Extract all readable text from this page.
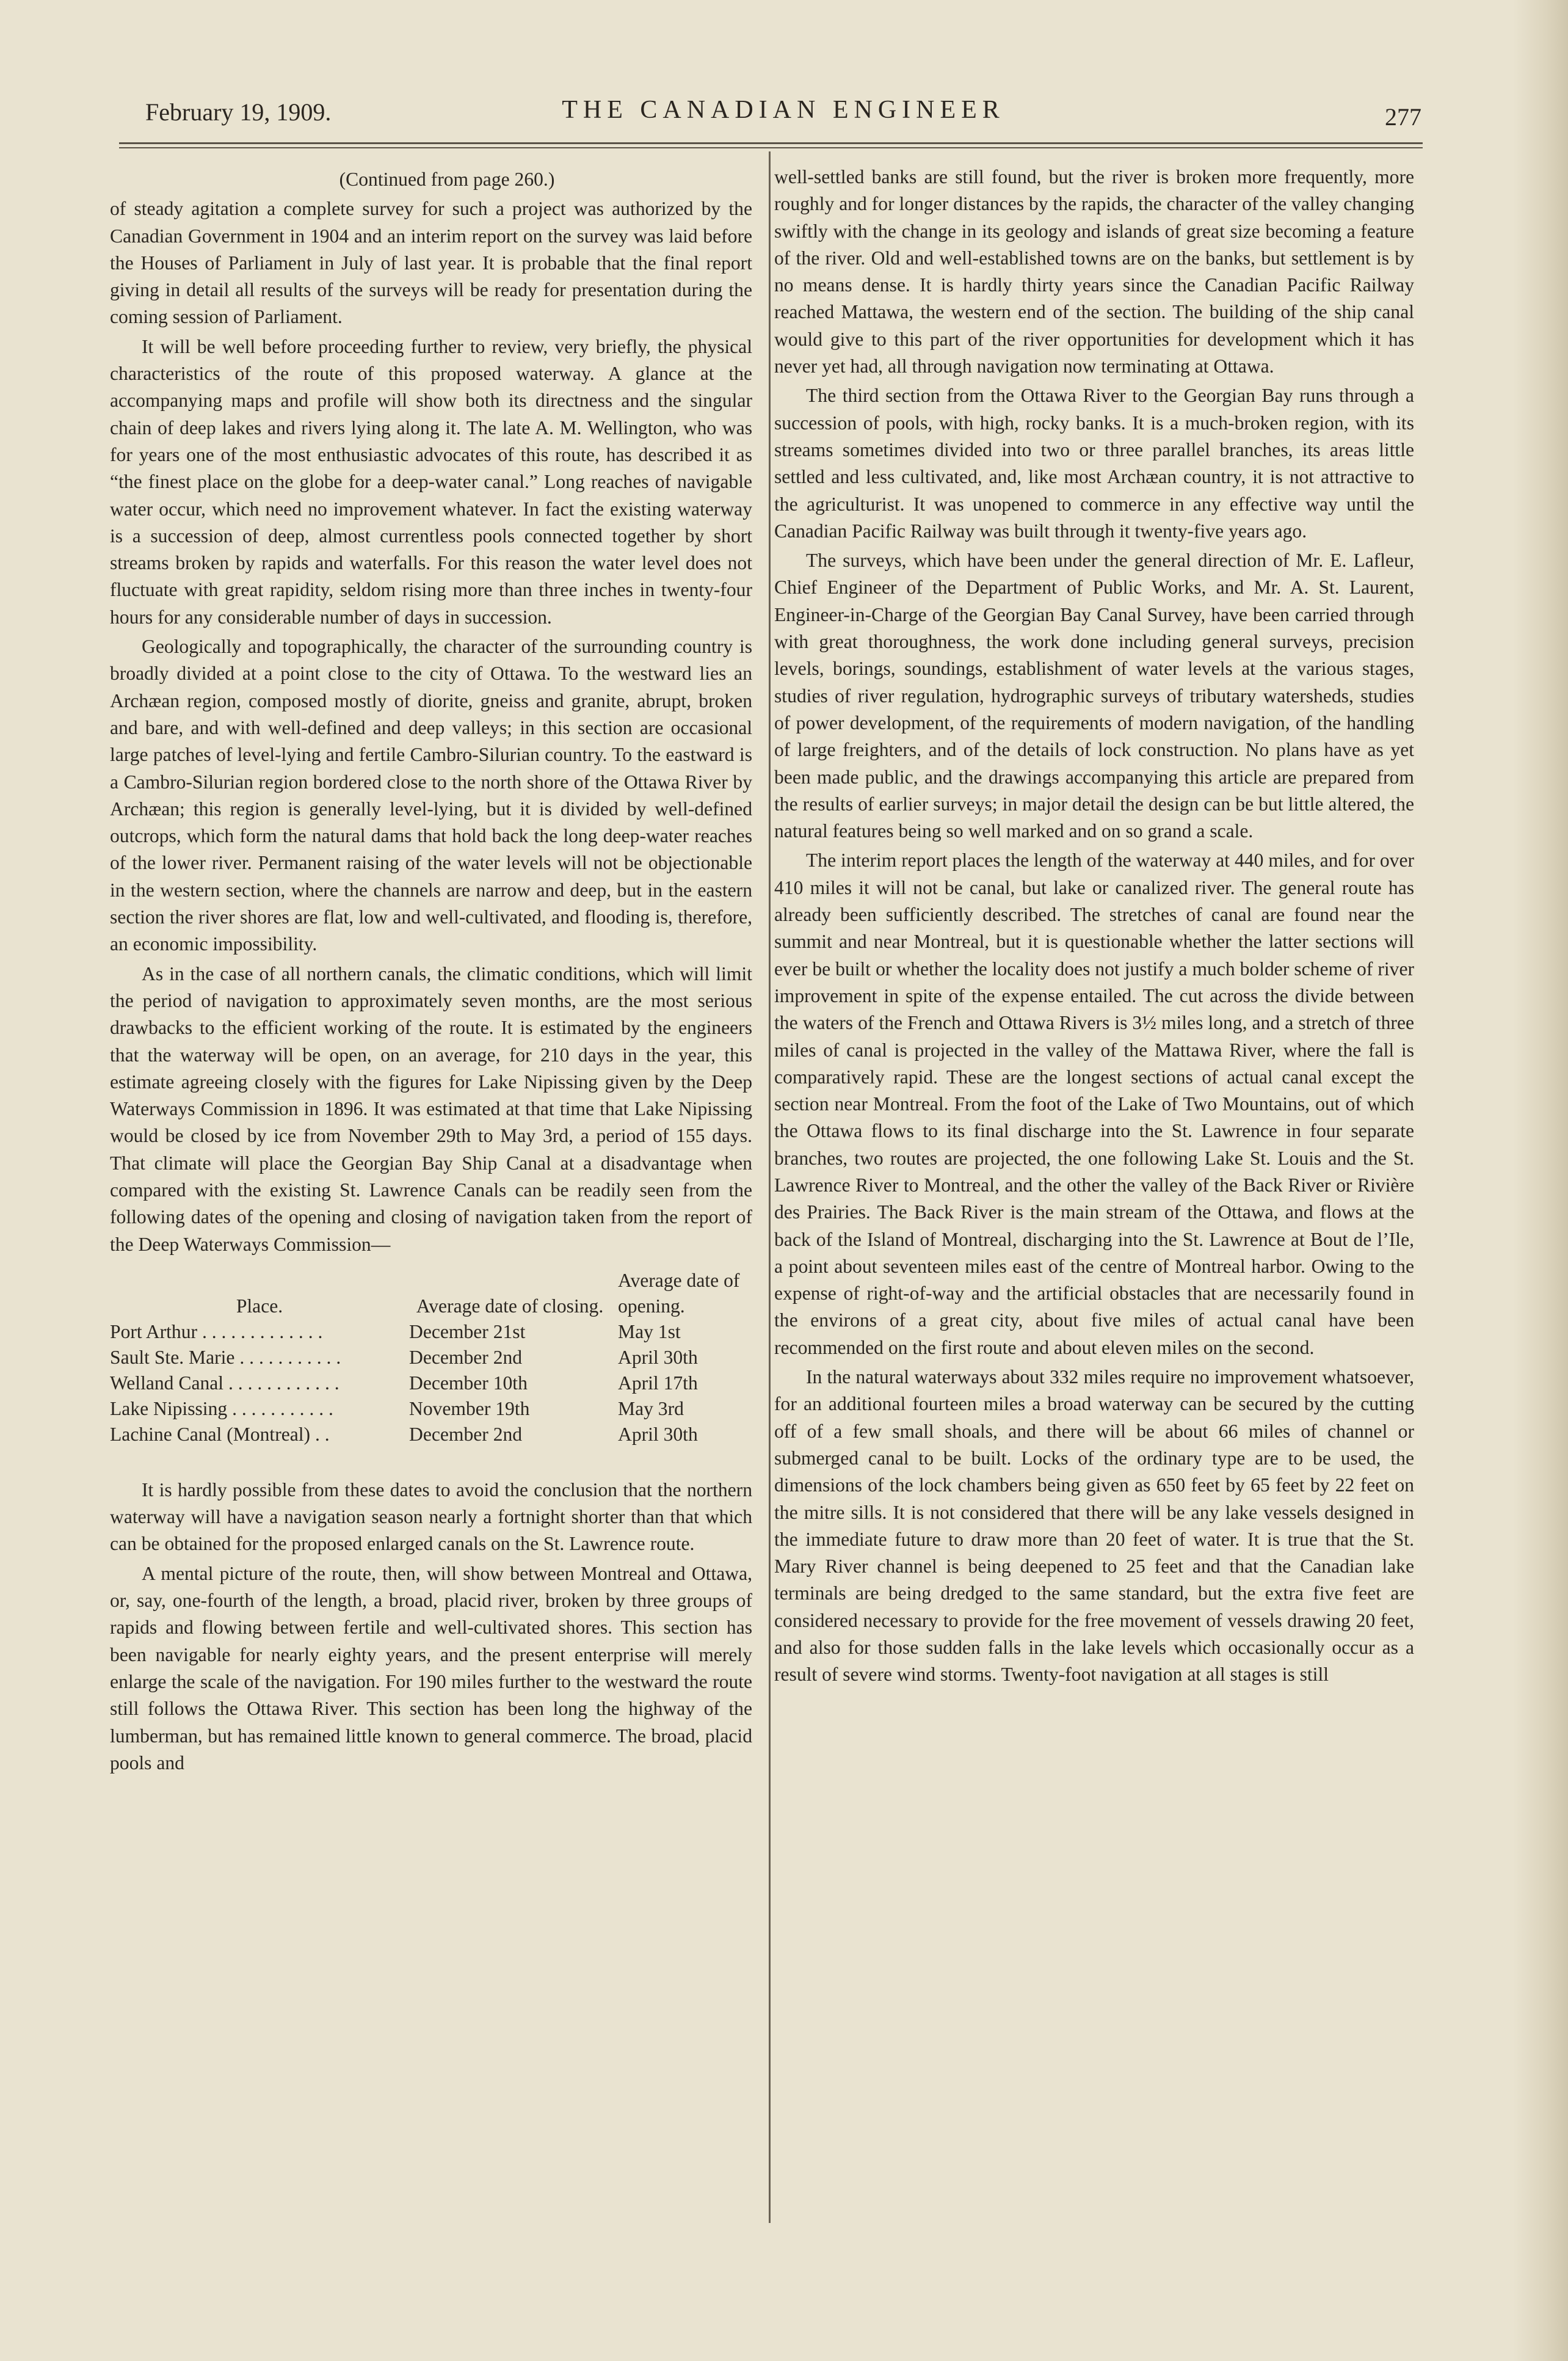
February 19, 1909.	THE CANADIAN ENGINEER	277

(Continued from page 260.)

of steady agitation a complete survey for such a project was authorized by the Canadian Government in 1904 and an interim report on the survey was laid before the Houses of Parliament in July of last year. It is probable that the final report giving in detail all results of the surveys will be ready for presentation during the coming session of Parliament.

It will be well before proceeding further to review, very briefly, the physical characteristics of the route of this proposed waterway. A glance at the accompanying maps and profile will show both its directness and the singular chain of deep lakes and rivers lying along it. The late A. M. Wellington, who was for years one of the most enthusiastic advocates of this route, has described it as “the finest place on the globe for a deep-water canal.” Long reaches of navigable water occur, which need no improvement whatever. In fact the existing waterway is a succession of deep, almost currentless pools connected together by short streams broken by rapids and waterfalls. For this reason the water level does not fluctuate with great rapidity, seldom rising more than three inches in twenty-four hours for any considerable number of days in succession.

Geologically and topographically, the character of the surrounding country is broadly divided at a point close to the city of Ottawa. To the westward lies an Archæan region, composed mostly of diorite, gneiss and granite, abrupt, broken and bare, and with well-defined and deep valleys; in this section are occasional large patches of level-lying and fertile Cambro-Silurian country. To the eastward is a Cambro-Silurian region bordered close to the north shore of the Ottawa River by Archæan; this region is generally level-lying, but it is divided by well-defined outcrops, which form the natural dams that hold back the long deep-water reaches of the lower river. Permanent raising of the water levels will not be objectionable in the western section, where the channels are narrow and deep, but in the eastern section the river shores are flat, low and well-cultivated, and flooding is, therefore, an economic impossibility.

As in the case of all northern canals, the climatic conditions, which will limit the period of navigation to approximately seven months, are the most serious drawbacks to the efficient working of the route. It is estimated by the engineers that the waterway will be open, on an average, for 210 days in the year, this estimate agreeing closely with the figures for Lake Nipissing given by the Deep Waterways Commission in 1896. It was estimated at that time that Lake Nipissing would be closed by ice from November 29th to May 3rd, a period of 155 days. That climate will place the Georgian Bay Ship Canal at a disadvantage when compared with the existing St. Lawrence Canals can be readily seen from the following dates of the opening and closing of navigation taken from the report of the Deep Waterways Commission—

Place.	Average date of closing.	Average date of opening.
Port Arthur . . . . . . . . . . . . .	December 21st	May 1st
Sault Ste. Marie . . . . . . . . . . .	December 2nd	April 30th
Welland Canal . . . . . . . . . . . .	December 10th	April 17th
Lake Nipissing . . . . . . . . . . .	November 19th	May 3rd
Lachine Canal (Montreal) . .	December 2nd	April 30th

It is hardly possible from these dates to avoid the conclusion that the northern waterway will have a navigation season nearly a fortnight shorter than that which can be obtained for the proposed enlarged canals on the St. Lawrence route.

A mental picture of the route, then, will show between Montreal and Ottawa, or, say, one-fourth of the length, a broad, placid river, broken by three groups of rapids and flowing between fertile and well-cultivated shores. This section has been navigable for nearly eighty years, and the present enterprise will merely enlarge the scale of the navigation. For 190 miles further to the westward the route still follows the Ottawa River. This section has been long the highway of the lumberman, but has remained little known to general commerce. The broad, placid pools and

well-settled banks are still found, but the river is broken more frequently, more roughly and for longer distances by the rapids, the character of the valley changing swiftly with the change in its geology and islands of great size becoming a feature of the river. Old and well-established towns are on the banks, but settlement is by no means dense. It is hardly thirty years since the Canadian Pacific Railway reached Mattawa, the western end of the section. The building of the ship canal would give to this part of the river opportunities for development which it has never yet had, all through navigation now terminating at Ottawa.

The third section from the Ottawa River to the Georgian Bay runs through a succession of pools, with high, rocky banks. It is a much-broken region, with its streams sometimes divided into two or three parallel branches, its areas little settled and less cultivated, and, like most Archæan country, it is not attractive to the agriculturist. It was unopened to commerce in any effective way until the Canadian Pacific Railway was built through it twenty-five years ago.

The surveys, which have been under the general direction of Mr. E. Lafleur, Chief Engineer of the Department of Public Works, and Mr. A. St. Laurent, Engineer-in-Charge of the Georgian Bay Canal Survey, have been carried through with great thoroughness, the work done including general surveys, precision levels, borings, soundings, establishment of water levels at the various stages, studies of river regulation, hydrographic surveys of tributary watersheds, studies of power development, of the requirements of modern navigation, of the handling of large freighters, and of the details of lock construction. No plans have as yet been made public, and the drawings accompanying this article are prepared from the results of earlier surveys; in major detail the design can be but little altered, the natural features being so well marked and on so grand a scale.

The interim report places the length of the waterway at 440 miles, and for over 410 miles it will not be canal, but lake or canalized river. The general route has already been sufficiently described. The stretches of canal are found near the summit and near Montreal, but it is questionable whether the latter sections will ever be built or whether the locality does not justify a much bolder scheme of river improvement in spite of the expense entailed. The cut across the divide between the waters of the French and Ottawa Rivers is 3½ miles long, and a stretch of three miles of canal is projected in the valley of the Mattawa River, where the fall is comparatively rapid. These are the longest sections of actual canal except the section near Montreal. From the foot of the Lake of Two Mountains, out of which the Ottawa flows to its final discharge into the St. Lawrence in four separate branches, two routes are projected, the one following Lake St. Louis and the St. Lawrence River to Montreal, and the other the valley of the Back River or Rivière des Prairies. The Back River is the main stream of the Ottawa, and flows at the back of the Island of Montreal, discharging into the St. Lawrence at Bout de l’Ile, a point about seventeen miles east of the centre of Montreal harbor. Owing to the expense of right-of-way and the artificial obstacles that are necessarily found in the environs of a great city, about five miles of actual canal have been recommended on the first route and about eleven miles on the second.

In the natural waterways about 332 miles require no improvement whatsoever, for an additional fourteen miles a broad waterway can be secured by the cutting off of a few small shoals, and there will be about 66 miles of channel or submerged canal to be built. Locks of the ordinary type are to be used, the dimensions of the lock chambers being given as 650 feet by 65 feet by 22 feet on the mitre sills. It is not considered that there will be any lake vessels designed in the immediate future to draw more than 20 feet of water. It is true that the St. Mary River channel is being deepened to 25 feet and that the Canadian lake terminals are being dredged to the same standard, but the extra five feet are considered necessary to provide for the free movement of vessels drawing 20 feet, and also for those sudden falls in the lake levels which occasionally occur as a result of severe wind storms. Twenty-foot navigation at all stages is still
